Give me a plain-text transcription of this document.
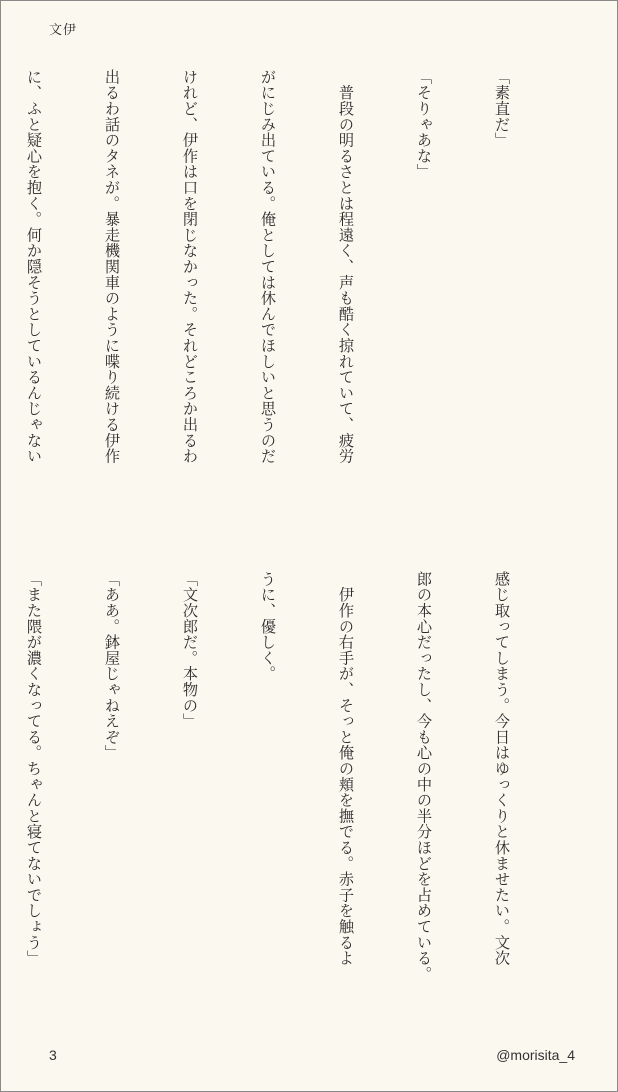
文伊

「素直だ」

「そりゃあな」

　普段の明るさとは程遠く、声も酷く掠れていて、疲労

がにじみ出ている。俺としては休んでほしいと思うのだ

けれど、伊作は口を閉じなかった。それどころか出るわ

出るわ話のタネが。暴走機関車のように喋り続ける伊作

に、ふと疑心を抱く。何か隠そうとしているんじゃない

感じ取ってしまう。今日はゆっくりと休ませたい。文次

郎の本心だったし、今も心の中の半分ほどを占めている。

　伊作の右手が、そっと俺の頬を撫でる。赤子を触るよ

うに、優しく。

「文次郎だ。本物の」

「ああ。鉢屋じゃねえぞ」

「また隈が濃くなってる。ちゃんと寝てないでしょう」

3	@morisita_4
